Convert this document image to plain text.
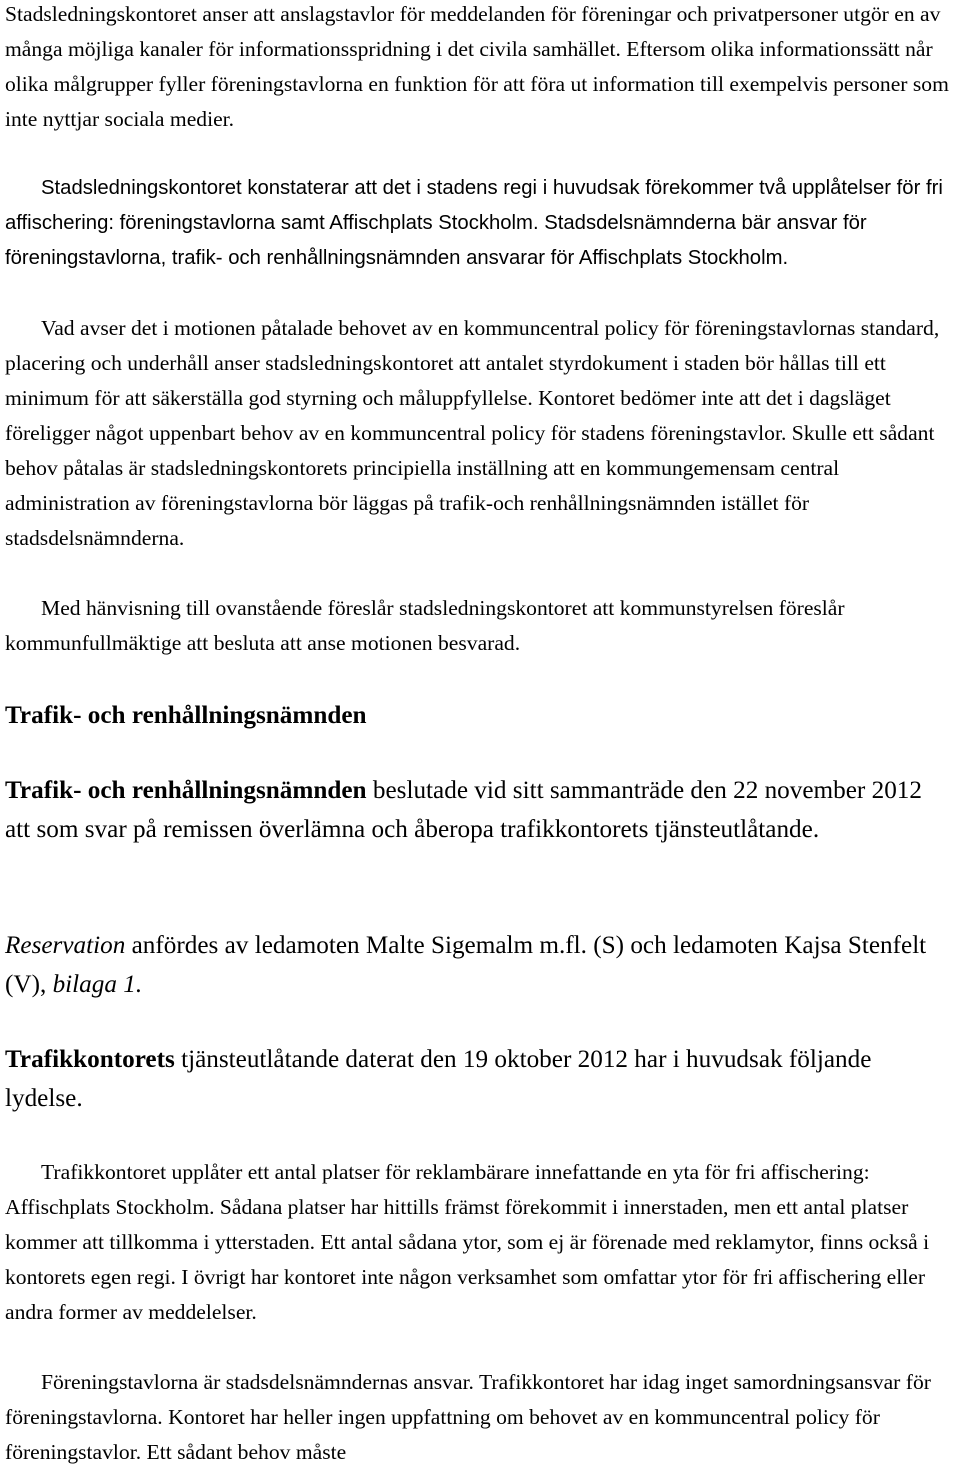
Stadsledningskontoret anser att anslagstavlor för meddelanden för föreningar och privatpersoner utgör en av många möjliga kanaler för informationsspridning i det civila samhället. Eftersom olika informationssätt når olika målgrupper fyller föreningstavlorna en funktion för att föra ut information till exempelvis personer som inte nyttjar sociala medier.

Stadsledningskontoret konstaterar att det i stadens regi i huvudsak förekommer två upplåtelser för fri affischering: föreningstavlorna samt Affischplats Stockholm. Stadsdelsnämnderna bär ansvar för föreningstavlorna, trafik- och renhållningsnämnden ansvarar för Affischplats Stockholm.

Vad avser det i motionen påtalade behovet av en kommuncentral policy för föreningstavlornas standard, placering och underhåll anser stadsledningskontoret att antalet styrdokument i staden bör hållas till ett minimum för att säkerställa god styrning och måluppfyllelse. Kontoret bedömer inte att det i dagsläget föreligger något uppenbart behov av en kommuncentral policy för stadens föreningstavlor. Skulle ett sådant behov påtalas är stadsledningskontorets principiella inställning att en kommungemensam central administration av föreningstavlorna bör läggas på trafik-och renhållningsnämnden istället för stadsdelsnämnderna.

Med hänvisning till ovanstående föreslår stadsledningskontoret att kommunstyrelsen föreslår kommunfullmäktige att besluta att anse motionen besvarad.

Trafik- och renhållningsnämnden

Trafik- och renhållningsnämnden beslutade vid sitt sammanträde den 22 november 2012 att som svar på remissen överlämna och åberopa trafikkontorets tjänsteutlåtande.

Reservation anfördes av ledamoten Malte Sigemalm m.fl. (S) och ledamoten Kajsa Stenfelt (V), bilaga 1.

Trafikkontorets tjänsteutlåtande daterat den 19 oktober 2012 har i huvudsak följande lydelse.

Trafikkontoret upplåter ett antal platser för reklambärare innefattande en yta för fri affischering: Affischplats Stockholm. Sådana platser har hittills främst förekommit i innerstaden, men ett antal platser kommer att tillkomma i ytterstaden. Ett antal sådana ytor, som ej är förenade med reklamytor, finns också i kontorets egen regi. I övrigt har kontoret inte någon verksamhet som omfattar ytor för fri affischering eller andra former av meddelelser.

Föreningstavlorna är stadsdelsnämndernas ansvar. Trafikkontoret har idag inget samordningsansvar för föreningstavlorna. Kontoret har heller ingen uppfattning om behovet av en kommuncentral policy för föreningstavlor. Ett sådant behov måste
